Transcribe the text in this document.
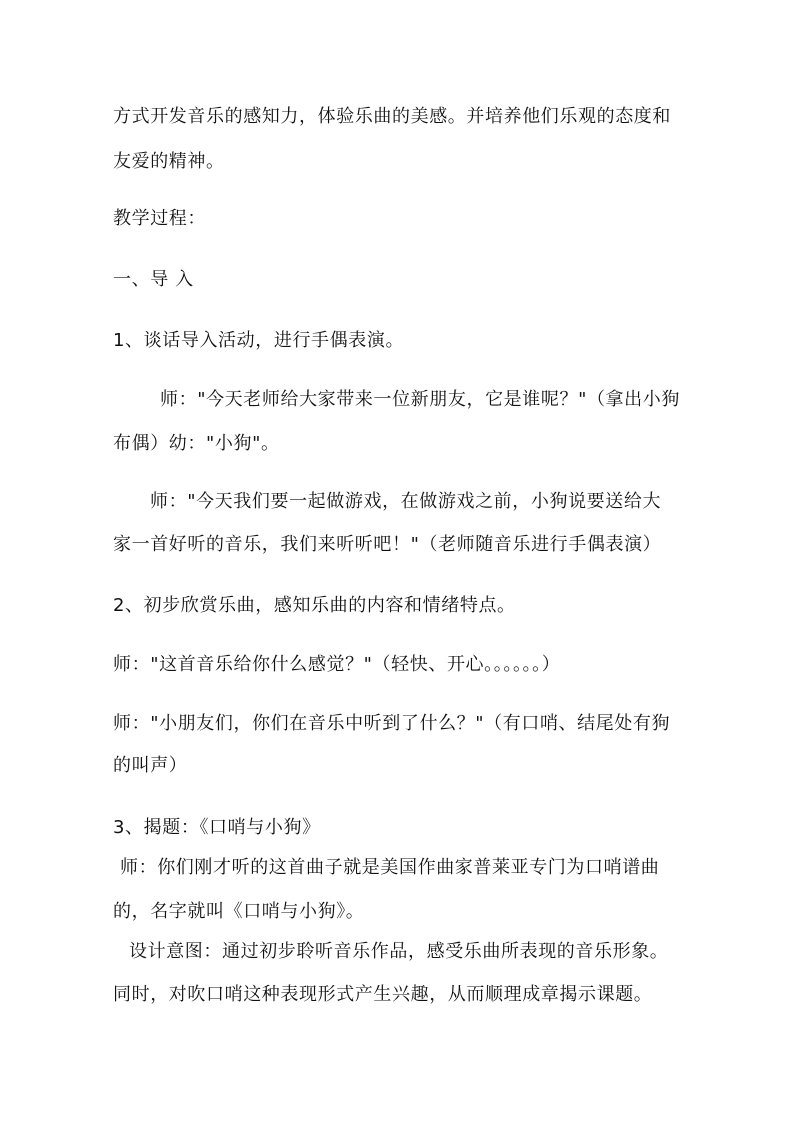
方式开发音乐的感知力，体验乐曲的美感。并培养他们乐观的态度和
友爱的精神。
教学过程：
一、导 入
1、谈话导入活动，进行手偶表演。
师："今天老师给大家带来一位新朋友，它是谁呢？"（拿出小狗
布偶）幼："小狗"。
师："今天我们要一起做游戏，在做游戏之前，小狗说要送给大
家一首好听的音乐，我们来听听吧！"（老师随音乐进行手偶表演）
2、初步欣赏乐曲，感知乐曲的内容和情绪特点。
师："这首音乐给你什么感觉？"（轻快、开心。。。。。。）
师："小朋友们，你们在音乐中听到了什么？"（有口哨、结尾处有狗
的叫声）
3、揭题：《口哨与小狗》
师：你们刚才听的这首曲子就是美国作曲家普莱亚专门为口哨谱曲
的，名字就叫《口哨与小狗》。
设计意图：通过初步聆听音乐作品，感受乐曲所表现的音乐形象。
同时，对吹口哨这种表现形式产生兴趣，从而顺理成章揭示课题。
